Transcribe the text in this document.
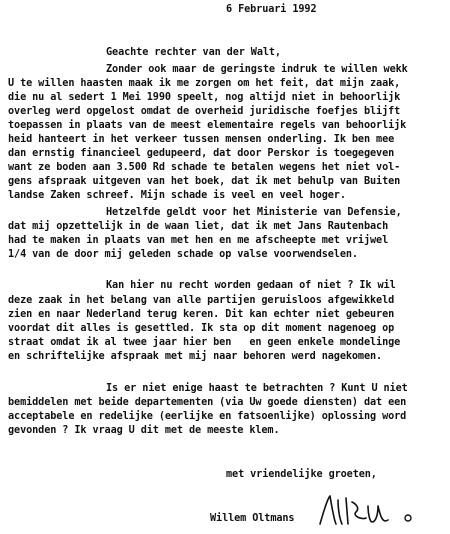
6 Februari 1992

Geachte rechter van der Walt,

Zonder ook maar de geringste indruk te willen wekk

U te willen haasten maak ik me zorgen om het feit, dat mijn zaak,

die nu al sedert 1 Mei 1990 speelt, nog altijd niet in behoorlijk

overleg werd opgelost omdat de overheid juridische foefjes blijft

toepassen in plaats van de meest elementaire regels van behoorlijk

heid hanteert in het verkeer tussen mensen onderling. Ik ben mee

dan ernstig financieel gedupeerd, dat door Perskor is toegegeven

want ze boden aan 3.500 Rd schade te betalen wegens het niet vol-

gens afspraak uitgeven van het boek, dat ik met behulp van Buiten

landse Zaken schreef. Mijn schade is veel en veel hoger.

Hetzelfde geldt voor het Ministerie van Defensie,

dat mij opzettelijk in de waan liet, dat ik met Jans Rautenbach

had te maken in plaats van met hen en me afscheepte met vrijwel

1/4 van de door mij geleden schade op valse voorwendselen.

Kan hier nu recht worden gedaan of niet ? Ik wil

deze zaak in het belang van alle partijen geruisloos afgewikkeld

zien en naar Nederland terug keren. Dit kan echter niet gebeuren

voordat dit alles is gesettled. Ik sta op dit moment nagenoeg op

straat omdat ik al twee jaar hier ben   en geen enkele mondelinge

en schriftelijke afspraak met mij naar behoren werd nagekomen.

Is er niet enige haast te betrachten ? Kunt U niet

bemiddelen met beide departementen (via Uw goede diensten) dat een

acceptabele en redelijke (eerlijke en fatsoenlijke) oplossing word

gevonden ? Ik vraag U dit met de meeste klem.

met vriendelijke groeten,

Willem Oltmans
